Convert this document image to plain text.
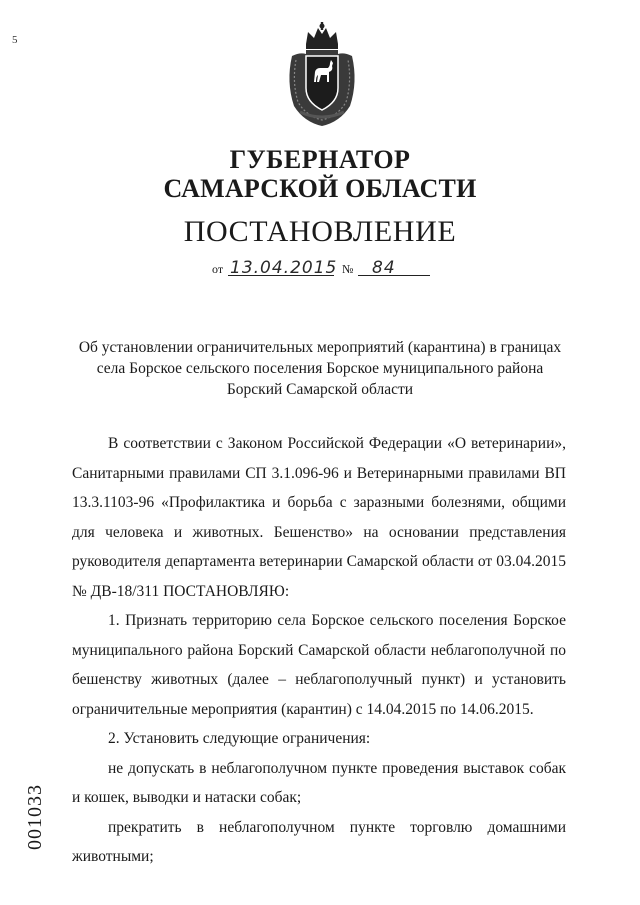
5
ГУБЕРНАТОР
САМАРСКОЙ ОБЛАСТИ
ПОСТАНОВЛЕНИЕ
от 13.04.2015 № 84
Об установлении ограничительных мероприятий (карантина) в границах
села Борское сельского поселения Борское муниципального района
Борский Самарской области

В соответствии с Законом Российской Федерации «О ветеринарии», Санитарными правилами СП 3.1.096-96 и Ветеринарными правилами ВП 13.3.1103-96 «Профилактика и борьба с заразными болезнями, общими для человека и животных. Бешенство» на основании представления руководителя департамента ветеринарии Самарской области от 03.04.2015 № ДВ-18/311 ПОСТАНОВЛЯЮ:

1. Признать территорию села Борское сельского поселения Борское муниципального района Борский Самарской области неблагополучной по бешенству животных (далее – неблагополучный пункт) и установить ограничительные мероприятия (карантин) с 14.04.2015 по 14.06.2015.

2. Установить следующие ограничения:

не допускать в неблагополучном пункте проведения выставок собак и кошек, выводки и натаски собак;

прекратить в неблагополучном пункте торговлю домашними животными;

001033
